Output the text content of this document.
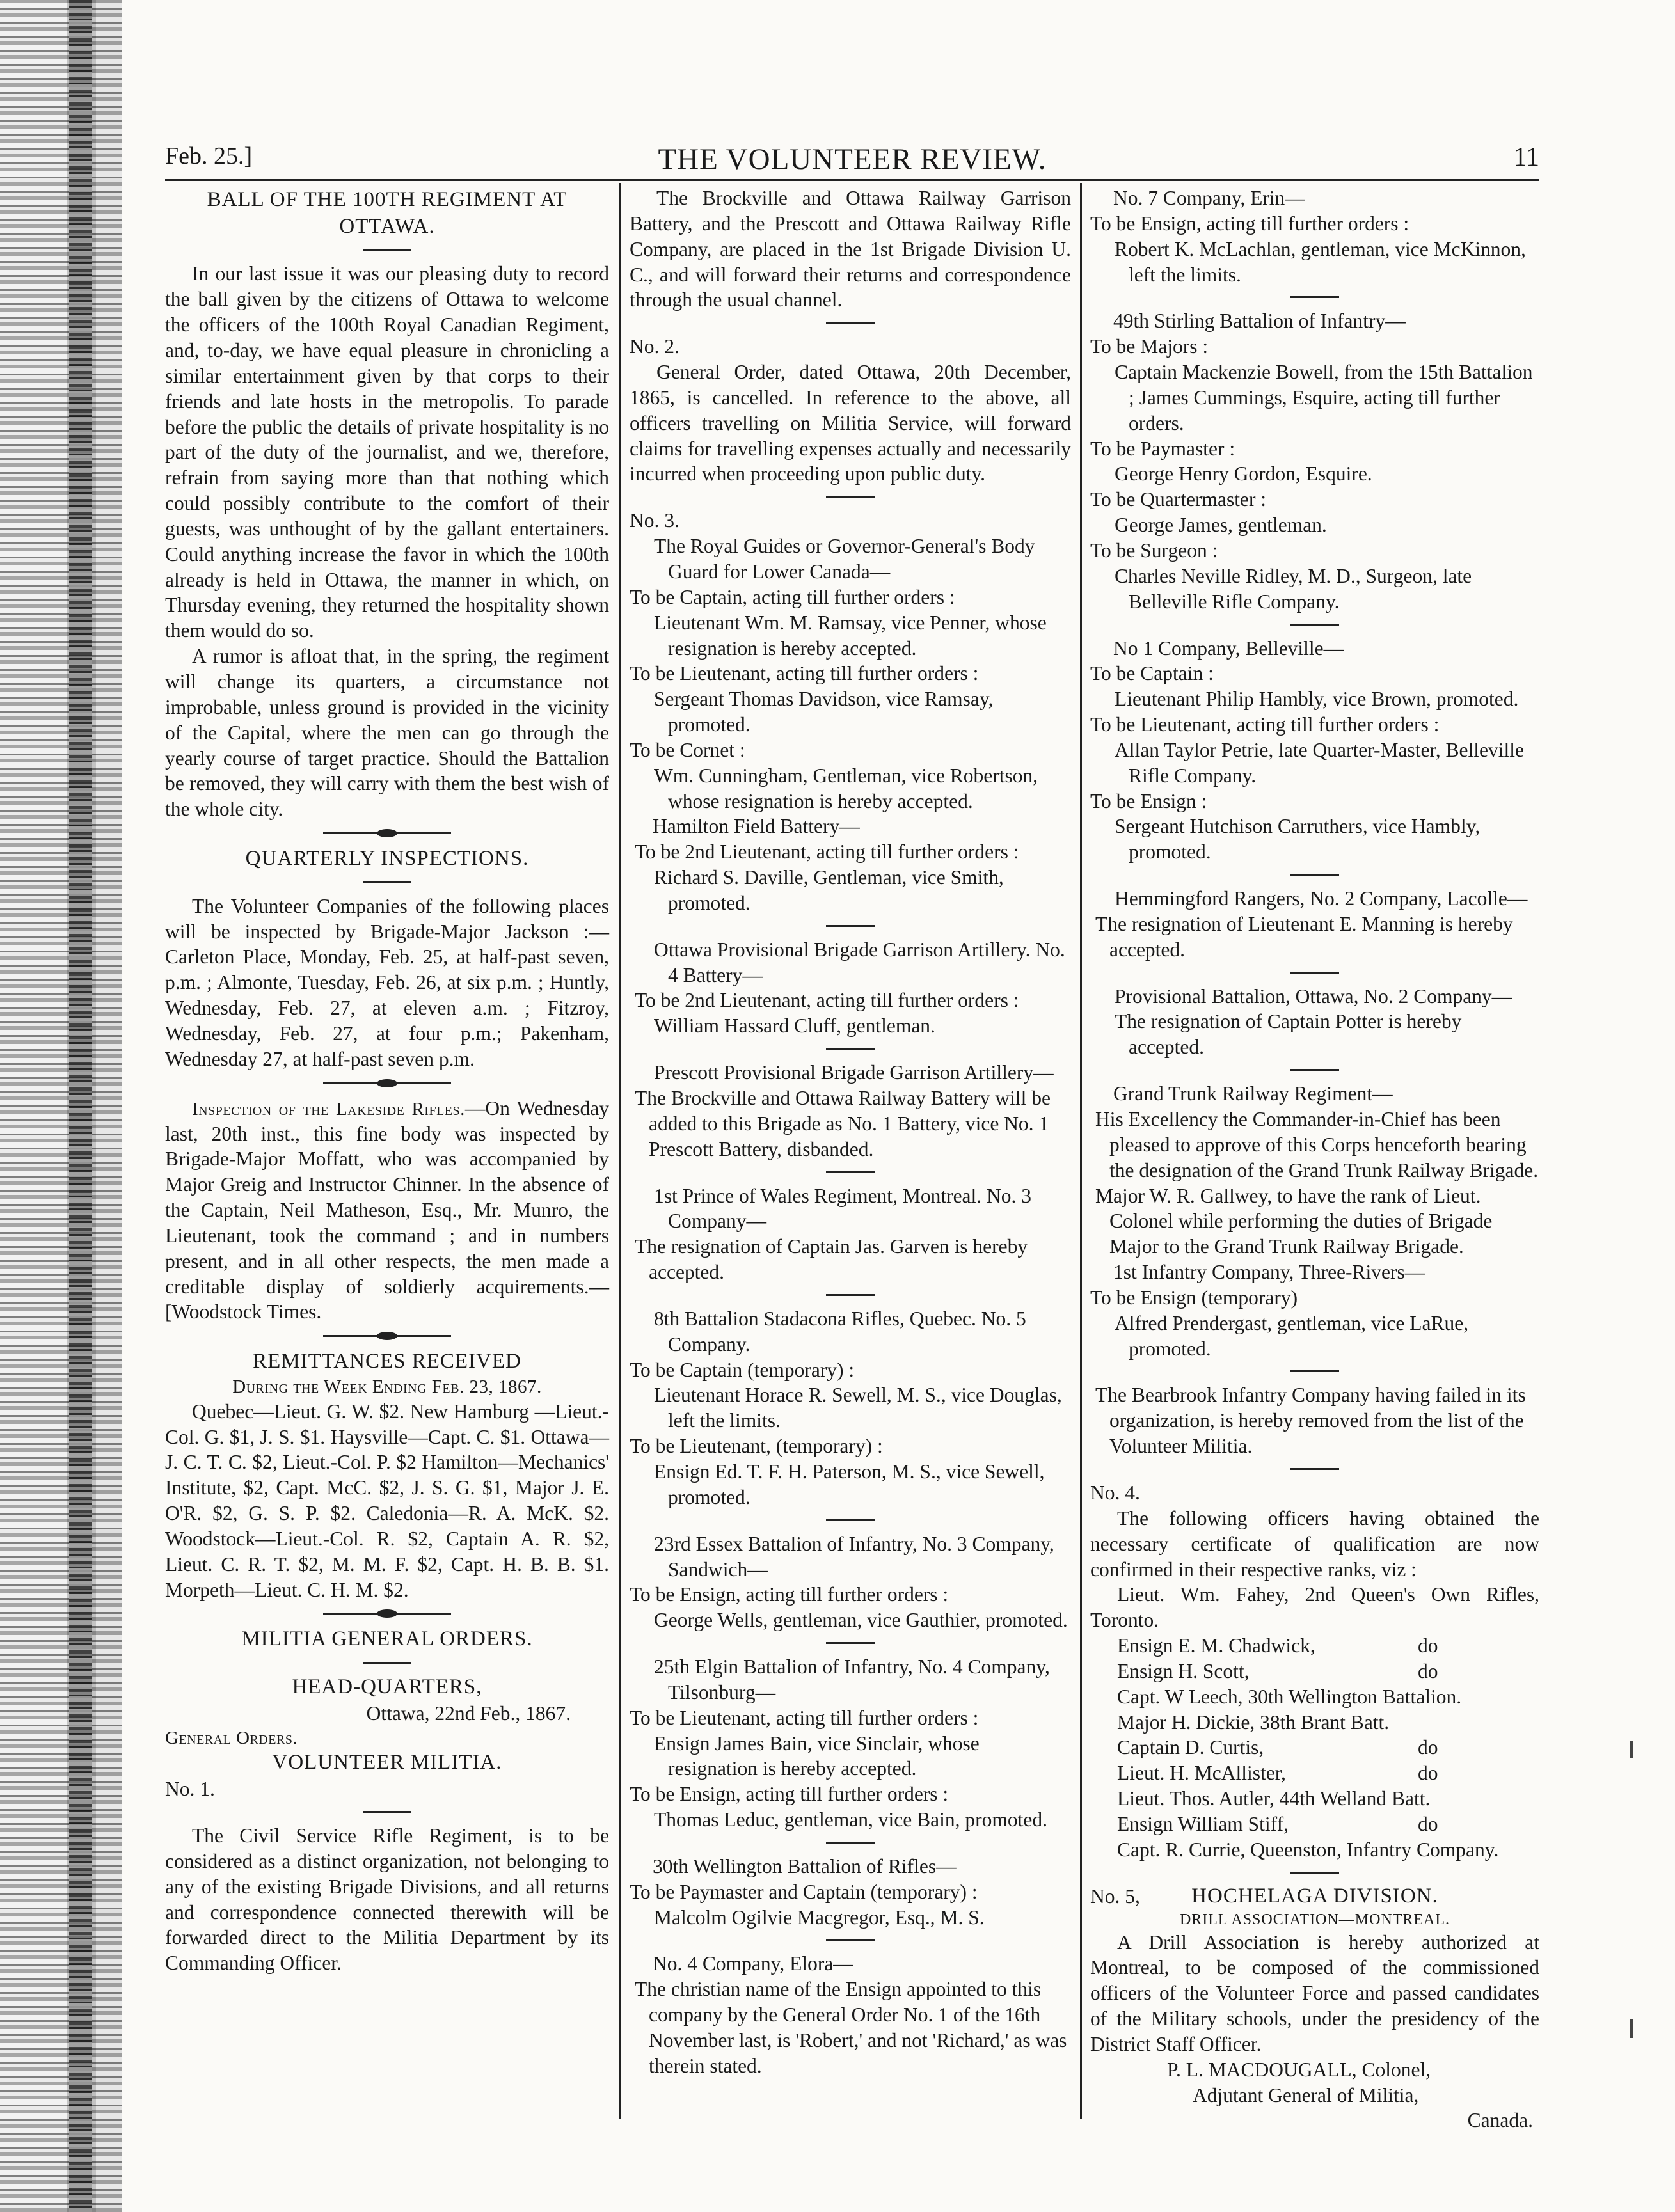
Feb. 25.]	THE VOLUNTEER REVIEW.	11

BALL OF THE 100TH REGIMENT AT OTTAWA.

In our last issue it was our pleasing duty to record the ball given by the citizens of Ottawa to welcome the officers of the 100th Royal Canadian Regiment, and, to-day, we have equal pleasure in chronicling a similar entertainment given by that corps to their friends and late hosts in the metropolis. To parade before the public the details of private hospitality is no part of the duty of the journalist, and we, therefore, refrain from saying more than that nothing which could possibly contribute to the comfort of their guests, was unthought of by the gallant entertainers. Could anything increase the favor in which the 100th already is held in Ottawa, the manner in which, on Thursday evening, they returned the hospitality shown them would do so.

A rumor is afloat that, in the spring, the regiment will change its quarters, a circumstance not improbable, unless ground is provided in the vicinity of the Capital, where the men can go through the yearly course of target practice. Should the Battalion be removed, they will carry with them the best wish of the whole city.

QUARTERLY INSPECTIONS.

The Volunteer Companies of the following places will be inspected by Brigade-Major Jackson :—Carleton Place, Monday, Feb. 25, at half-past seven, p.m. ; Almonte, Tuesday, Feb. 26, at six p.m. ; Huntly, Wednesday, Feb. 27, at eleven a.m. ; Fitzroy, Wednesday, Feb. 27, at four p.m.; Pakenham, Wednesday 27, at half-past seven p.m.

Inspection of the Lakeside Rifles.—On Wednesday last, 20th inst., this fine body was inspected by Brigade-Major Moffatt, who was accompanied by Major Greig and Instructor Chinner. In the absence of the Captain, Neil Matheson, Esq., Mr. Munro, the Lieutenant, took the command ; and in numbers present, and in all other respects, the men made a creditable display of soldierly acquirements.—[Woodstock Times.

REMITTANCES RECEIVED

During the Week Ending Feb. 23, 1867.

Quebec—Lieut. G. W. $2. New Hamburg —Lieut.-Col. G. $1, J. S. $1. Haysville—Capt. C. $1. Ottawa—J. C. T. C. $2, Lieut.-Col. P. $2 Hamilton—Mechanics' Institute, $2, Capt. McC. $2, J. S. G. $1, Major J. E. O'R. $2, G. S. P. $2. Caledonia—R. A. McK. $2. Woodstock—Lieut.-Col. R. $2, Captain A. R. $2, Lieut. C. R. T. $2, M. M. F. $2, Capt. H. B. B. $1. Morpeth—Lieut. C. H. M. $2.

MILITIA GENERAL ORDERS.

HEAD-QUARTERS,

Ottawa, 22nd Feb., 1867.

General Orders.

VOLUNTEER MILITIA.

No. 1.

The Civil Service Rifle Regiment, is to be considered as a distinct organization, not belonging to any of the existing Brigade Divisions, and all returns and correspondence connected therewith will be forwarded direct to the Militia Department by its Commanding Officer.

The Brockville and Ottawa Railway Garrison Battery, and the Prescott and Ottawa Railway Rifle Company, are placed in the 1st Brigade Division U. C., and will forward their returns and correspondence through the usual channel.

No. 2.

General Order, dated Ottawa, 20th December, 1865, is cancelled. In reference to the above, all officers travelling on Militia Service, will forward claims for travelling expenses actually and necessarily incurred when proceeding upon public duty.

No. 3.

The Royal Guides or Governor-General's Body Guard for Lower Canada—

To be Captain, acting till further orders :

Lieutenant Wm. M. Ramsay, vice Penner, whose resignation is hereby accepted.

To be Lieutenant, acting till further orders :

Sergeant Thomas Davidson, vice Ramsay, promoted.

To be Cornet :

Wm. Cunningham, Gentleman, vice Robertson, whose resignation is hereby accepted.

Hamilton Field Battery—

To be 2nd Lieutenant, acting till further orders :

Richard S. Daville, Gentleman, vice Smith, promoted.

Ottawa Provisional Brigade Garrison Artillery. No. 4 Battery—

To be 2nd Lieutenant, acting till further orders :

William Hassard Cluff, gentleman.

Prescott Provisional Brigade Garrison Artillery—

The Brockville and Ottawa Railway Battery will be added to this Brigade as No. 1 Battery, vice No. 1 Prescott Battery, disbanded.

1st Prince of Wales Regiment, Montreal. No. 3 Company—

The resignation of Captain Jas. Garven is hereby accepted.

8th Battalion Stadacona Rifles, Quebec. No. 5 Company.

To be Captain (temporary) :

Lieutenant Horace R. Sewell, M. S., vice Douglas, left the limits.

To be Lieutenant, (temporary) :

Ensign Ed. T. F. H. Paterson, M. S., vice Sewell, promoted.

23rd Essex Battalion of Infantry, No. 3 Company, Sandwich—

To be Ensign, acting till further orders :

George Wells, gentleman, vice Gauthier, promoted.

25th Elgin Battalion of Infantry, No. 4 Company, Tilsonburg—

To be Lieutenant, acting till further orders :

Ensign James Bain, vice Sinclair, whose resignation is hereby accepted.

To be Ensign, acting till further orders :

Thomas Leduc, gentleman, vice Bain, promoted.

30th Wellington Battalion of Rifles—

To be Paymaster and Captain (temporary) :

Malcolm Ogilvie Macgregor, Esq., M. S.

No. 4 Company, Elora—

The christian name of the Ensign appointed to this company by the General Order No. 1 of the 16th November last, is 'Robert,' and not 'Richard,' as was therein stated.

No. 7 Company, Erin—

To be Ensign, acting till further orders :

Robert K. McLachlan, gentleman, vice McKinnon, left the limits.

49th Stirling Battalion of Infantry—

To be Majors :

Captain Mackenzie Bowell, from the 15th Battalion ; James Cummings, Esquire, acting till further orders.

To be Paymaster :

George Henry Gordon, Esquire.

To be Quartermaster :

George James, gentleman.

To be Surgeon :

Charles Neville Ridley, M. D., Surgeon, late Belleville Rifle Company.

No 1 Company, Belleville—

To be Captain :

Lieutenant Philip Hambly, vice Brown, promoted.

To be Lieutenant, acting till further orders :

Allan Taylor Petrie, late Quarter-Master, Belleville Rifle Company.

To be Ensign :

Sergeant Hutchison Carruthers, vice Hambly, promoted.

Hemmingford Rangers, No. 2 Company, Lacolle—

The resignation of Lieutenant E. Manning is hereby accepted.

Provisional Battalion, Ottawa, No. 2 Company—

The resignation of Captain Potter is hereby accepted.

Grand Trunk Railway Regiment—

His Excellency the Commander-in-Chief has been pleased to approve of this Corps henceforth bearing the designation of the Grand Trunk Railway Brigade.

Major W. R. Gallwey, to have the rank of Lieut. Colonel while performing the duties of Brigade Major to the Grand Trunk Railway Brigade.

1st Infantry Company, Three-Rivers—

To be Ensign (temporary)

Alfred Prendergast, gentleman, vice LaRue, promoted.

The Bearbrook Infantry Company having failed in its organization, is hereby removed from the list of the Volunteer Militia.

No. 4.

The following officers having obtained the necessary certificate of qualification are now confirmed in their respective ranks, viz :

Lieut. Wm. Fahey, 2nd Queen's Own Rifles, Toronto.

Ensign E. M. Chadwick,	do
Ensign H. Scott,	do
Capt. W Leech, 30th Wellington Battalion.
Major H. Dickie, 38th Brant Batt.
Captain D. Curtis,	do
Lieut. H. McAllister,	do
Lieut. Thos. Autler, 44th Welland Batt.
Ensign William Stiff,	do

Capt. R. Currie, Queenston, Infantry Company.

No. 5,	HOCHELAGA DIVISION.

DRILL ASSOCIATION—MONTREAL.

A Drill Association is hereby authorized at Montreal, to be composed of the commissioned officers of the Volunteer Force and passed candidates of the Military schools, under the presidency of the District Staff Officer.

P. L. MACDOUGALL, Colonel,

Adjutant General of Militia,

Canada.
